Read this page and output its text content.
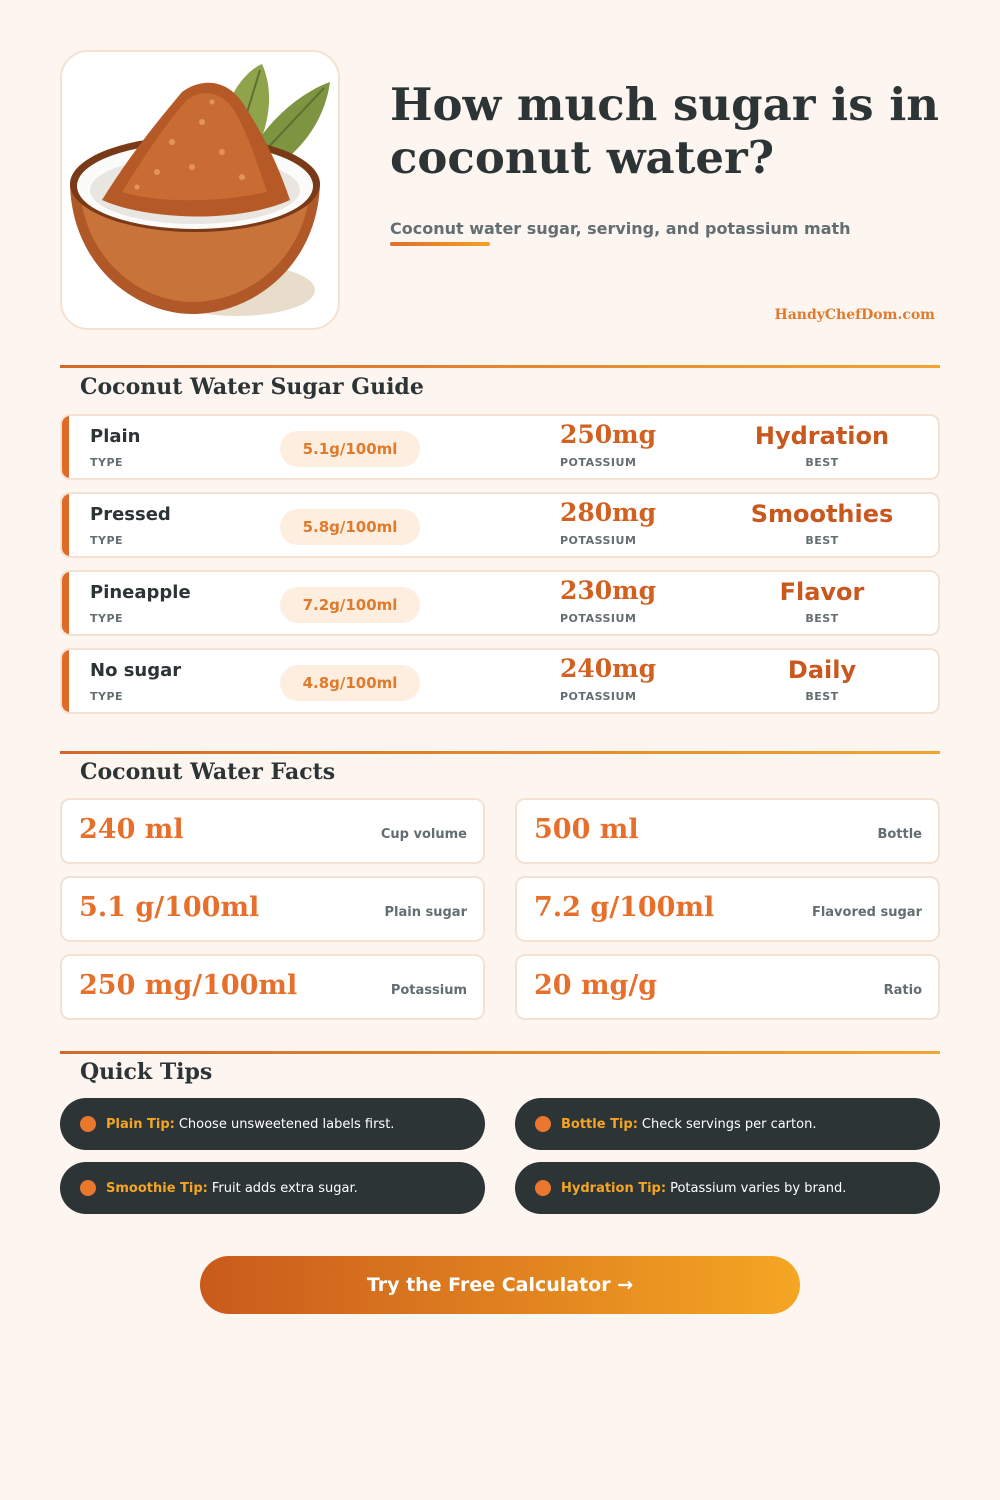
How much sugar is in coconut water?
Coconut water sugar, serving, and potassium math
HandyChefDom.com
Coconut Water Sugar Guide
Plain
TYPE
5.1g/100ml	250mg
POTASSIUM
Hydration
BEST
Pressed
TYPE
5.8g/100ml	280mg
POTASSIUM
Smoothies
BEST
Pineapple
TYPE
7.2g/100ml	230mg
POTASSIUM
Flavor
BEST
No sugar
TYPE
4.8g/100ml	240mg
POTASSIUM
Daily
BEST
Coconut Water Facts
240 ml	Cup volume 500 ml	Bottle
5.1 g/100ml	Plain sugar 7.2 g/100ml	Flavored sugar
250 mg/100ml	Potassium 20 mg/g	Ratio
Quick Tips
Plain Tip: Choose unsweetened labels first.	Bottle Tip: Check servings per carton.
Smoothie Tip: Fruit adds extra sugar.	Hydration Tip: Potassium varies by brand.
Try the Free Calculator →
